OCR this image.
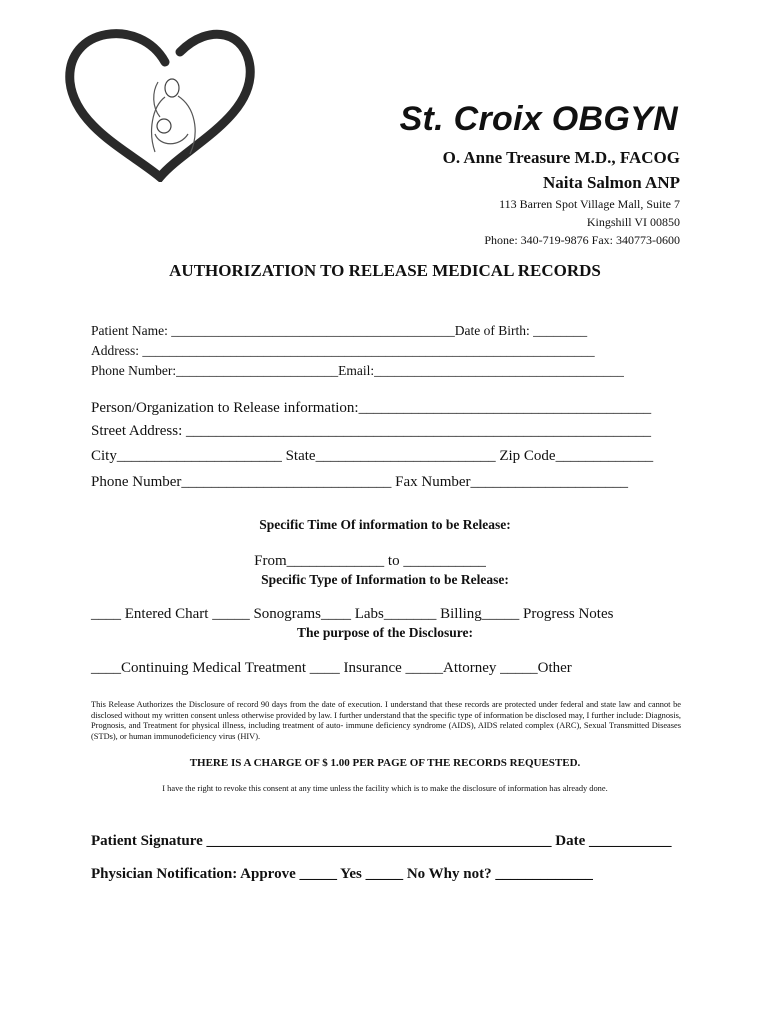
St. Croix OBGYN
O. Anne Treasure M.D., FACOG
Naita Salmon ANP
113 Barren Spot Village Mall, Suite 7
Kingshill VI 00850
Phone: 340-719-9876 Fax: 340773-0600
AUTHORIZATION TO RELEASE MEDICAL RECORDS
Patient Name: __________________________________________Date of Birth: ________
Address: ___________________________________________________________________
Phone Number:________________________Email:_____________________________________
Person/Organization to Release information:_______________________________________
Street Address: ______________________________________________________________
City______________________ State________________________ Zip Code_____________
Phone Number____________________________ Fax Number_____________________
Specific Time Of information to be Release:
From_____________ to ___________
Specific Type of Information to be Release:
____ Entered Chart _____ Sonograms____ Labs_______ Billing_____ Progress Notes
The purpose of the Disclosure:
____Continuing Medical Treatment ____ Insurance _____Attorney _____Other
This Release Authorizes the Disclosure of record 90 days from the date of execution. I understand that these records are protected under federal and state law and cannot be disclosed without my written consent unless otherwise provided by law. I further understand that the specific type of information be disclosed may, I further include: Diagnosis, Prognosis, and Treatment for physical illness, including treatment of auto- immune deficiency syndrome (AIDS), AIDS related complex (ARC), Sexual Transmitted Diseases (STDs), or human immunodeficiency virus (HIV).
THERE IS A CHARGE OF $ 1.00 PER PAGE OF THE RECORDS REQUESTED.
I have the right to revoke this consent at any time unless the facility which is to make the disclosure of information has already done.
Patient Signature ______________________________________________ Date ___________
Physician Notification: Approve _____ Yes _____ No Why not? _____________
